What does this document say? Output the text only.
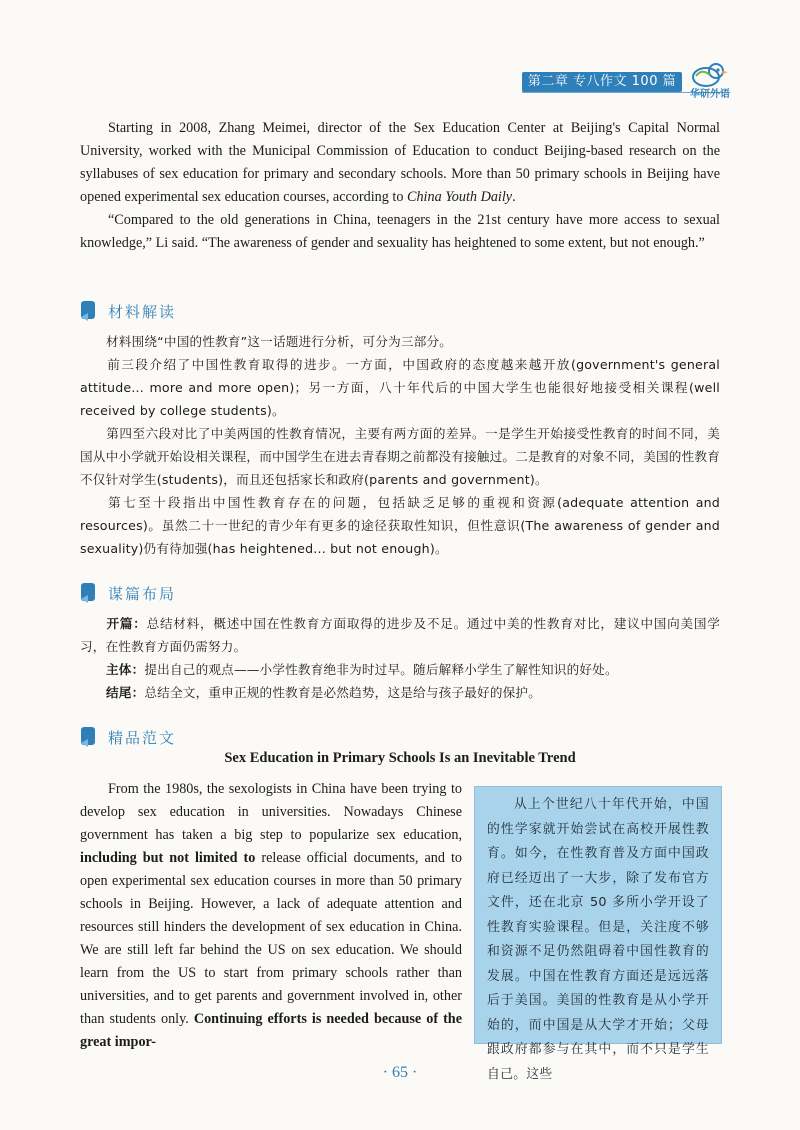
第二章 专八作文 100 篇
华研外语

Starting in 2008, Zhang Meimei, director of the Sex Education Center at Beijing's Capital Normal University, worked with the Municipal Commission of Education to conduct Beijing-based research on the syllabuses of sex education for primary and secondary schools. More than 50 primary schools in Beijing have opened experimental sex education courses, according to China Youth Daily.

“Compared to the old generations in China, teenagers in the 21st century have more access to sexual knowledge,” Li said. “The awareness of gender and sexuality has heightened to some extent, but not enough.”

材料解读

材料围绕“中国的性教育”这一话题进行分析，可分为三部分。

前三段介绍了中国性教育取得的进步。一方面，中国政府的态度越来越开放(government's general attitude... more and more open)；另一方面，八十年代后的中国大学生也能很好地接受相关课程(well received by college students)。

第四至六段对比了中美两国的性教育情况，主要有两方面的差异。一是学生开始接受性教育的时间不同，美国从中小学就开始设相关课程，而中国学生在进去青春期之前都没有接触过。二是教育的对象不同，美国的性教育不仅针对学生(students)，而且还包括家长和政府(parents and government)。

第七至十段指出中国性教育存在的问题，包括缺乏足够的重视和资源(adequate attention and resources)。虽然二十一世纪的青少年有更多的途径获取性知识，但性意识(The awareness of gender and sexuality)仍有待加强(has heightened... but not enough)。

谋篇布局

开篇：总结材料，概述中国在性教育方面取得的进步及不足。通过中美的性教育对比，建议中国向美国学习，在性教育方面仍需努力。

主体：提出自己的观点——小学性教育绝非为时过早。随后解释小学生了解性知识的好处。

结尾：总结全文，重申正规的性教育是必然趋势，这是给与孩子最好的保护。

精品范文
Sex Education in Primary Schools Is an Inevitable Trend

From the 1980s, the sexologists in China have been trying to develop sex education in universities. Nowadays Chinese government has taken a big step to popularize sex education, including but not limited to release official documents, and to open experimental sex education courses in more than 50 primary schools in Beijing. However, a lack of adequate attention and resources still hinders the development of sex education in China. We are still left far behind the US on sex education. We should learn from the US to start from primary schools rather than universities, and to get parents and government involved in, other than students only. Continuing efforts is needed because of the great impor-

从上个世纪八十年代开始，中国的性学家就开始尝试在高校开展性教育。如今，在性教育普及方面中国政府已经迈出了一大步，除了发布官方文件，还在北京 50 多所小学开设了性教育实验课程。但是，关注度不够和资源不足仍然阻碍着中国性教育的发展。中国在性教育方面还是远远落后于美国。美国的性教育是从小学开始的，而中国是从大学才开始；父母跟政府都参与在其中，而不只是学生自己。这些

· 65 ·
